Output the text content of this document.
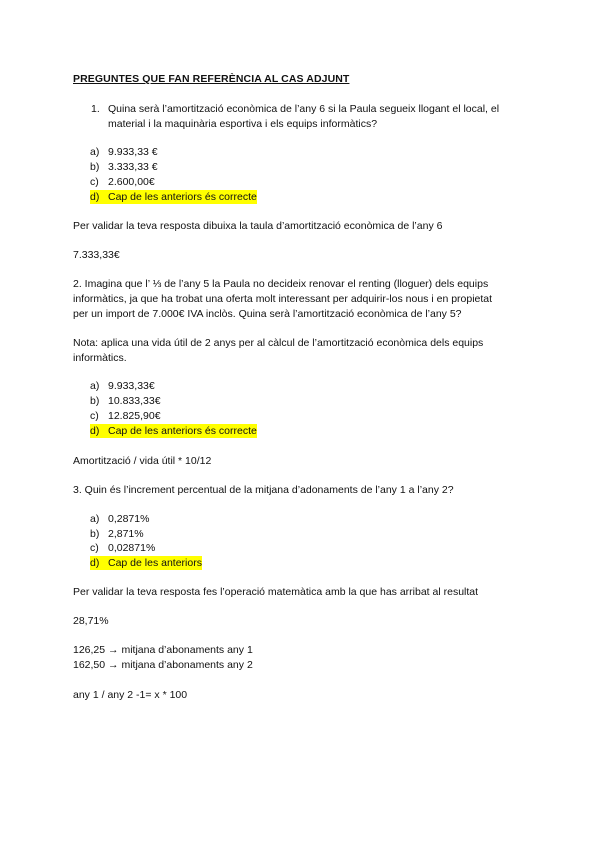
PREGUNTES QUE FAN REFERÈNCIA AL CAS ADJUNT
1. Quina serà l’amortització econòmica de l’any 6 si la Paula segueix llogant el local, el
material i la maquinària esportiva i els equips informàtics?
a) 9.933,33 €
b) 3.333,33 €
c) 2.600,00€
d) Cap de les anteriors és correcte
Per validar la teva resposta dibuixa la taula d’amortització econòmica de l’any 6
7.333,33€
2. Imagina que l’ ⅓ de l’any 5 la Paula no decideix renovar el renting (lloguer) dels equips
informàtics, ja que ha trobat una oferta molt interessant per adquirir-los nous i en propietat
per un import de 7.000€ IVA inclòs. Quina serà l’amortització econòmica de l’any 5?
Nota: aplica una vida útil de 2 anys per al càlcul de l’amortització econòmica dels equips
informàtics.
a) 9.933,33€
b) 10.833,33€
c) 12.825,90€
d) Cap de les anteriors és correcte
Amortització / vida útil * 10/12
3. Quin és l’increment percentual de la mitjana d’adonaments de l’any 1 a l’any 2?
a) 0,2871%
b) 2,871%
c) 0,02871%
d) Cap de les anteriors
Per validar la teva resposta fes l’operació matemàtica amb la que has arribat al resultat
28,71%
126,25 → mitjana d’abonaments any 1
162,50 → mitjana d’abonaments any 2
any 1 / any 2 -1= x * 100
